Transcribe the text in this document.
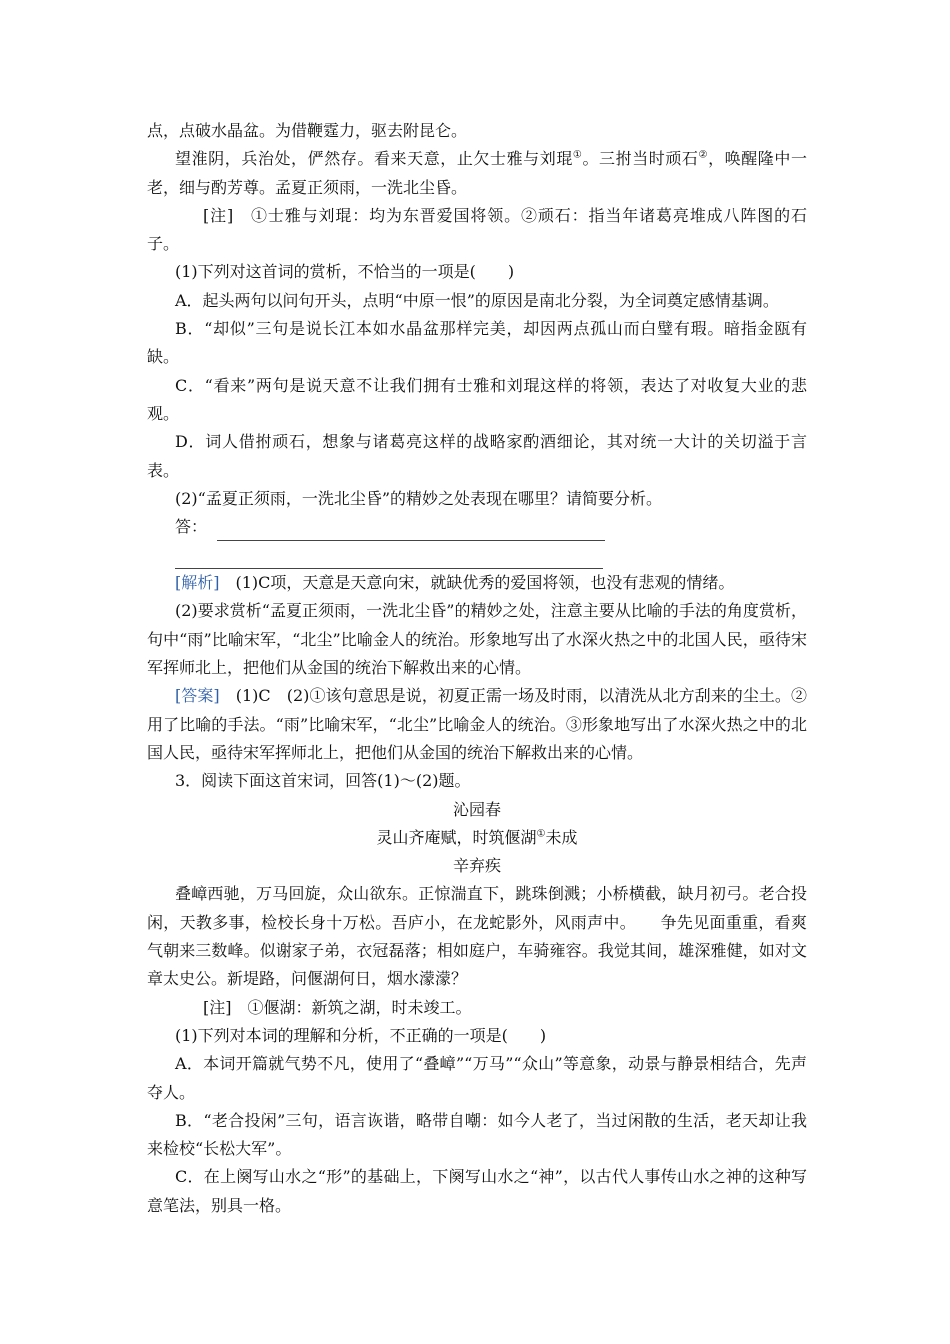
点，点破水晶盆。为借鞭霆力，驱去附昆仑。

望淮阴，兵治处，俨然存。看来天意，止欠士雅与刘琨①。三拊当时顽石②，唤醒隆中一老，细与酌芳尊。孟夏正须雨，一洗北尘昏。

[注]　①士雅与刘琨：均为东晋爱国将领。②顽石：指当年诸葛亮堆成八阵图的石子。

(1)下列对这首词的赏析，不恰当的一项是(　　)

A．起头两句以问句开头，点明“中原一恨”的原因是南北分裂，为全词奠定感情基调。

B．“却似”三句是说长江本如水晶盆那样完美，却因两点孤山而白璧有瑕。暗指金瓯有缺。

C．“看来”两句是说天意不让我们拥有士雅和刘琨这样的将领，表达了对收复大业的悲观。

D．词人借拊顽石，想象与诸葛亮这样的战略家酌酒细论，其对统一大计的关切溢于言表。

(2)“孟夏正须雨，一洗北尘昏”的精妙之处表现在哪里？请简要分析。

答：

[解析]　(1)C项，天意是天意向宋，就缺优秀的爱国将领，也没有悲观的情绪。

(2)要求赏析“孟夏正须雨，一洗北尘昏”的精妙之处，注意主要从比喻的手法的角度赏析，句中“雨”比喻宋军，“北尘”比喻金人的统治。形象地写出了水深火热之中的北国人民，亟待宋军挥师北上，把他们从金国的统治下解救出来的心情。

[答案]　(1)C　(2)①该句意思是说，初夏正需一场及时雨，以清洗从北方刮来的尘土。②用了比喻的手法。“雨”比喻宋军，“北尘”比喻金人的统治。③形象地写出了水深火热之中的北国人民，亟待宋军挥师北上，把他们从金国的统治下解救出来的心情。

3．阅读下面这首宋词，回答(1)～(2)题。

沁园春

灵山齐庵赋，时筑偃湖①未成

辛弃疾

叠嶂西驰，万马回旋，众山欲东。正惊湍直下，跳珠倒溅；小桥横截，缺月初弓。老合投闲，天教多事，检校长身十万松。吾庐小，在龙蛇影外，风雨声中。　　争先见面重重，看爽气朝来三数峰。似谢家子弟，衣冠磊落；相如庭户，车骑雍容。我觉其间，雄深雅健，如对文章太史公。新堤路，问偃湖何日，烟水濛濛？

[注]　①偃湖：新筑之湖，时未竣工。

(1)下列对本词的理解和分析，不正确的一项是(　　)

A．本词开篇就气势不凡，使用了“叠嶂”“万马”“众山”等意象，动景与静景相结合，先声夺人。

B．“老合投闲”三句，语言诙谐，略带自嘲：如今人老了，当过闲散的生活，老天却让我来检校“长松大军”。

C．在上阕写山水之“形”的基础上，下阕写山水之“神”，以古代人事传山水之神的这种写意笔法，别具一格。
